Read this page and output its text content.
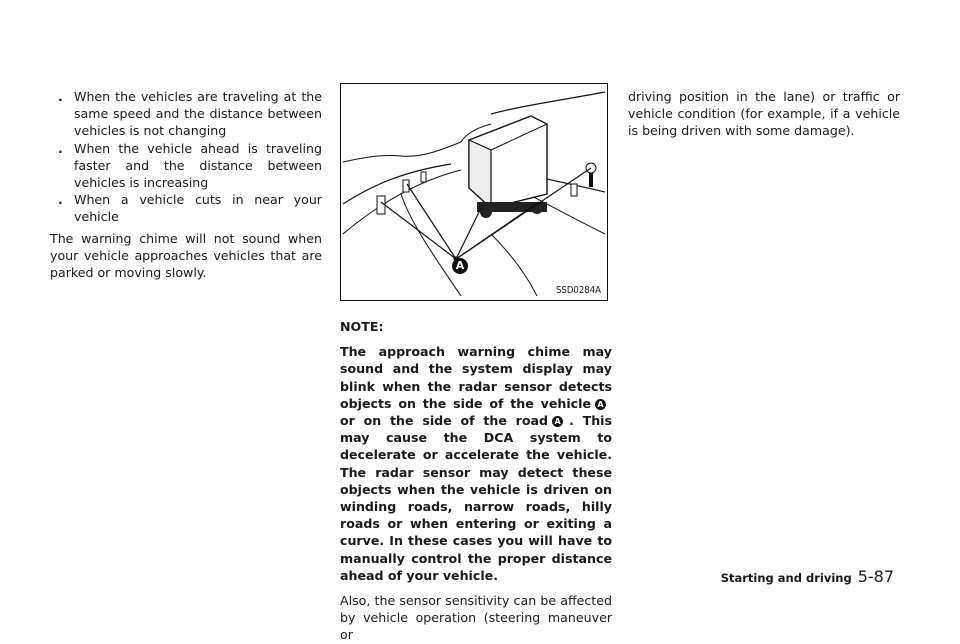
. When the vehicles are traveling at the same speed and the distance between vehicles is not changing
. When the vehicle ahead is traveling faster and the distance between vehicles is increasing
. When a vehicle cuts in near your vehicle
The warning chime will not sound when your vehicle approaches vehicles that are parked or moving slowly.	A
SSD0284A
NOTE:
The approach warning chime may sound and the system display may blink when the radar sensor detects objects on the side of the vehicle Aor on the side of the road A . This may cause the DCA system to decelerate or accelerate the vehicle. The radar sensor may detect these objects when the vehicle is driven on winding roads, narrow roads, hilly roads or when entering or exiting a curve. In these cases you will have to manually control the proper distance ahead of your vehicle.
Also, the sensor sensitivity can be affected by vehicle operation (steering maneuver or
driving position in the lane) or traffic or vehicle condition (for example, if a vehicle is being driven with some damage).
Starting and driving 5-87
